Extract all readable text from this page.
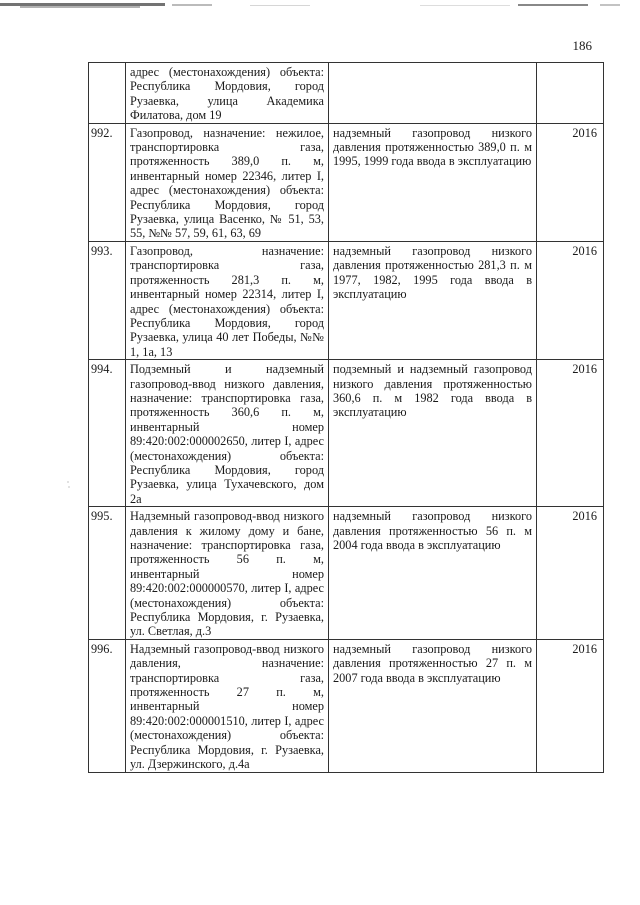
186

	адрес (местонахождения) объекта: Республика Мордовия, город Рузаевка, улица Академика Филатова, дом 19		

992.	Газопровод, назначение: нежилое, транспортировка газа, протяженность 389,0 п. м, инвентарный номер 22346, литер I, адрес (местонахождения) объекта: Республика Мордовия, город Рузаевка, улица Васенко, № 51, 53, 55, №№ 57, 59, 61, 63, 69	надземный газопровод низкого давления протяженностью 389,0 п. м 1995, 1999 года ввода в эксплуатацию	2016
993.	Газопровод, назначение: транспортировка газа, протяженность 281,3 п. м, инвентарный номер 22314, литер I, адрес (местонахождения) объекта: Республика Мордовия, город Рузаевка, улица 40 лет Победы, №№ 1, 1а, 13	надземный газопровод низкого давления протяженностью 281,3 п. м 1977, 1982, 1995 года ввода в эксплуатацию	2016
994.	Подземный и надземный газопровод-ввод низкого давления, назначение: транспортировка газа, протяженность 360,6 п. м, инвентарный номер 89:420:002:000002650, литер I, адрес (местонахождения) объекта: Республика Мордовия, город Рузаевка, улица Тухачевского, дом 2а	подземный и надземный газопровод низкого давления протяженностью 360,6 п. м 1982 года ввода в эксплуатацию	2016
995.	Надземный газопровод-ввод низкого давления к жилому дому и бане, назначение: транспортировка газа, протяженность 56 п. м, инвентарный номер 89:420:002:000000570, литер I, адрес (местонахождения) объекта: Республика Мордовия, г. Рузаевка, ул. Светлая, д.3	надземный газопровод низкого давления протяженностью 56 п. м 2004 года ввода в эксплуатацию	2016
996.	Надземный газопровод-ввод низкого давления, назначение: транспортировка газа, протяженность 27 п. м, инвентарный номер 89:420:002:000001510, литер I, адрес (местонахождения) объекта: Республика Мордовия, г. Рузаевка, ул. Дзержинского, д.4а	надземный газопровод низкого давления протяженностью 27 п. м 2007 года ввода в эксплуатацию	2016
